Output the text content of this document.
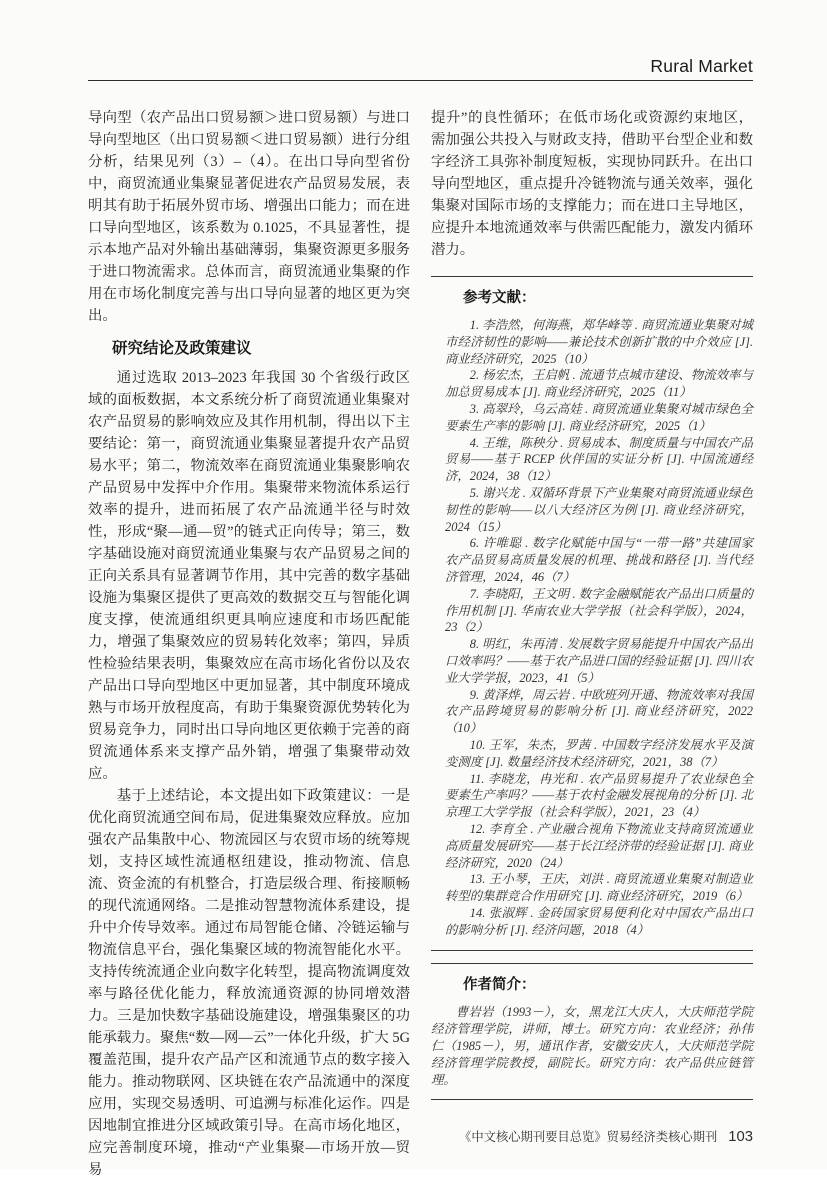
Rural Market

导向型（农产品出口贸易额＞进口贸易额）与进口导向型地区（出口贸易额＜进口贸易额）进行分组分析，结果见列（3）–（4）。在出口导向型省份中，商贸流通业集聚显著促进农产品贸易发展，表明其有助于拓展外贸市场、增强出口能力；而在进口导向型地区，该系数为 0.1025，不具显著性，提示本地产品对外输出基础薄弱，集聚资源更多服务于进口物流需求。总体而言，商贸流通业集聚的作用在市场化制度完善与出口导向显著的地区更为突出。

研究结论及政策建议

通过选取 2013–2023 年我国 30 个省级行政区域的面板数据，本文系统分析了商贸流通业集聚对农产品贸易的影响效应及其作用机制，得出以下主要结论：第一，商贸流通业集聚显著提升农产品贸易水平；第二，物流效率在商贸流通业集聚影响农产品贸易中发挥中介作用。集聚带来物流体系运行效率的提升，进而拓展了农产品流通半径与时效性，形成“聚—通—贸”的链式正向传导；第三，数字基础设施对商贸流通业集聚与农产品贸易之间的正向关系具有显著调节作用，其中完善的数字基础设施为集聚区提供了更高效的数据交互与智能化调度支撑，使流通组织更具响应速度和市场匹配能力，增强了集聚效应的贸易转化效率；第四，异质性检验结果表明，集聚效应在高市场化省份以及农产品出口导向型地区中更加显著，其中制度环境成熟与市场开放程度高，有助于集聚资源优势转化为贸易竞争力，同时出口导向地区更依赖于完善的商贸流通体系来支撑产品外销，增强了集聚带动效应。

基于上述结论，本文提出如下政策建议：一是优化商贸流通空间布局，促进集聚效应释放。应加强农产品集散中心、物流园区与农贸市场的统筹规划，支持区域性流通枢纽建设，推动物流、信息流、资金流的有机整合，打造层级合理、衔接顺畅的现代流通网络。二是推动智慧物流体系建设，提升中介传导效率。通过布局智能仓储、冷链运输与物流信息平台，强化集聚区域的物流智能化水平。支持传统流通企业向数字化转型，提高物流调度效率与路径优化能力，释放流通资源的协同增效潜力。三是加快数字基础设施建设，增强集聚区的功能承载力。聚焦“数—网—云”一体化升级，扩大 5G 覆盖范围，提升农产品产区和流通节点的数字接入能力。推动物联网、区块链在农产品流通中的深度应用，实现交易透明、可追溯与标准化运作。四是因地制宜推进分区域政策引导。在高市场化地区，应完善制度环境，推动“产业集聚—市场开放—贸易

提升”的良性循环；在低市场化或资源约束地区，需加强公共投入与财政支持，借助平台型企业和数字经济工具弥补制度短板，实现协同跃升。在出口导向型地区，重点提升冷链物流与通关效率，强化集聚对国际市场的支撑能力；而在进口主导地区，应提升本地流通效率与供需匹配能力，激发内循环潜力。

参考文献：
1. 李浩然，何海燕，郑华峰等 . 商贸流通业集聚对城市经济韧性的影响——兼论技术创新扩散的中介效应 [J]. 商业经济研究，2025（10）
2. 杨宏杰，王启帆 . 流通节点城市建设、物流效率与加总贸易成本 [J]. 商业经济研究，2025（11）
3. 高翠玲，乌云高娃 . 商贸流通业集聚对城市绿色全要素生产率的影响 [J]. 商业经济研究，2025（1）
4. 王维，陈秧分 . 贸易成本、制度质量与中国农产品贸易——基于 RCEP 伙伴国的实证分析 [J]. 中国流通经济，2024，38（12）
5. 谢兴龙 . 双循环背景下产业集聚对商贸流通业绿色韧性的影响——以八大经济区为例 [J]. 商业经济研究，2024（15）
6. 许唯聪 . 数字化赋能中国与“一带一路”共建国家农产品贸易高质量发展的机理、挑战和路径 [J]. 当代经济管理，2024，46（7）
7. 李晓阳，王文明 . 数字金融赋能农产品出口质量的作用机制 [J]. 华南农业大学学报（社会科学版），2024，23（2）
8. 明红，朱再清 . 发展数字贸易能提升中国农产品出口效率吗？——基于农产品进口国的经验证据 [J]. 四川农业大学学报，2023，41（5）
9. 黄泽烨，周云岩 . 中欧班列开通、物流效率对我国农产品跨境贸易的影响分析 [J]. 商业经济研究，2022（10）
10. 王军，朱杰，罗茜 . 中国数字经济发展水平及演变测度 [J]. 数量经济技术经济研究，2021，38（7）
11. 李晓龙，冉光和 . 农产品贸易提升了农业绿色全要素生产率吗？——基于农村金融发展视角的分析 [J]. 北京理工大学学报（社会科学版），2021，23（4）
12. 李育全 . 产业融合视角下物流业支持商贸流通业高质量发展研究——基于长江经济带的经验证据 [J]. 商业经济研究，2020（24）
13. 王小琴，王庆，刘洪 . 商贸流通业集聚对制造业转型的集群竞合作用研究 [J]. 商业经济研究，2019（6）
14. 张淑辉 . 金砖国家贸易便利化对中国农产品出口的影响分析 [J]. 经济问题，2018（4）
作者简介：

曹岩岩（1993－），女，黑龙江大庆人，大庆师范学院经济管理学院，讲师，博士。研究方向：农业经济；孙伟仁（1985－），男，通讯作者，安徽安庆人，大庆师范学院经济管理学院教授，副院长。研究方向：农产品供应链管理。

《中文核心期刊要目总览》贸易经济类核心期刊 103
